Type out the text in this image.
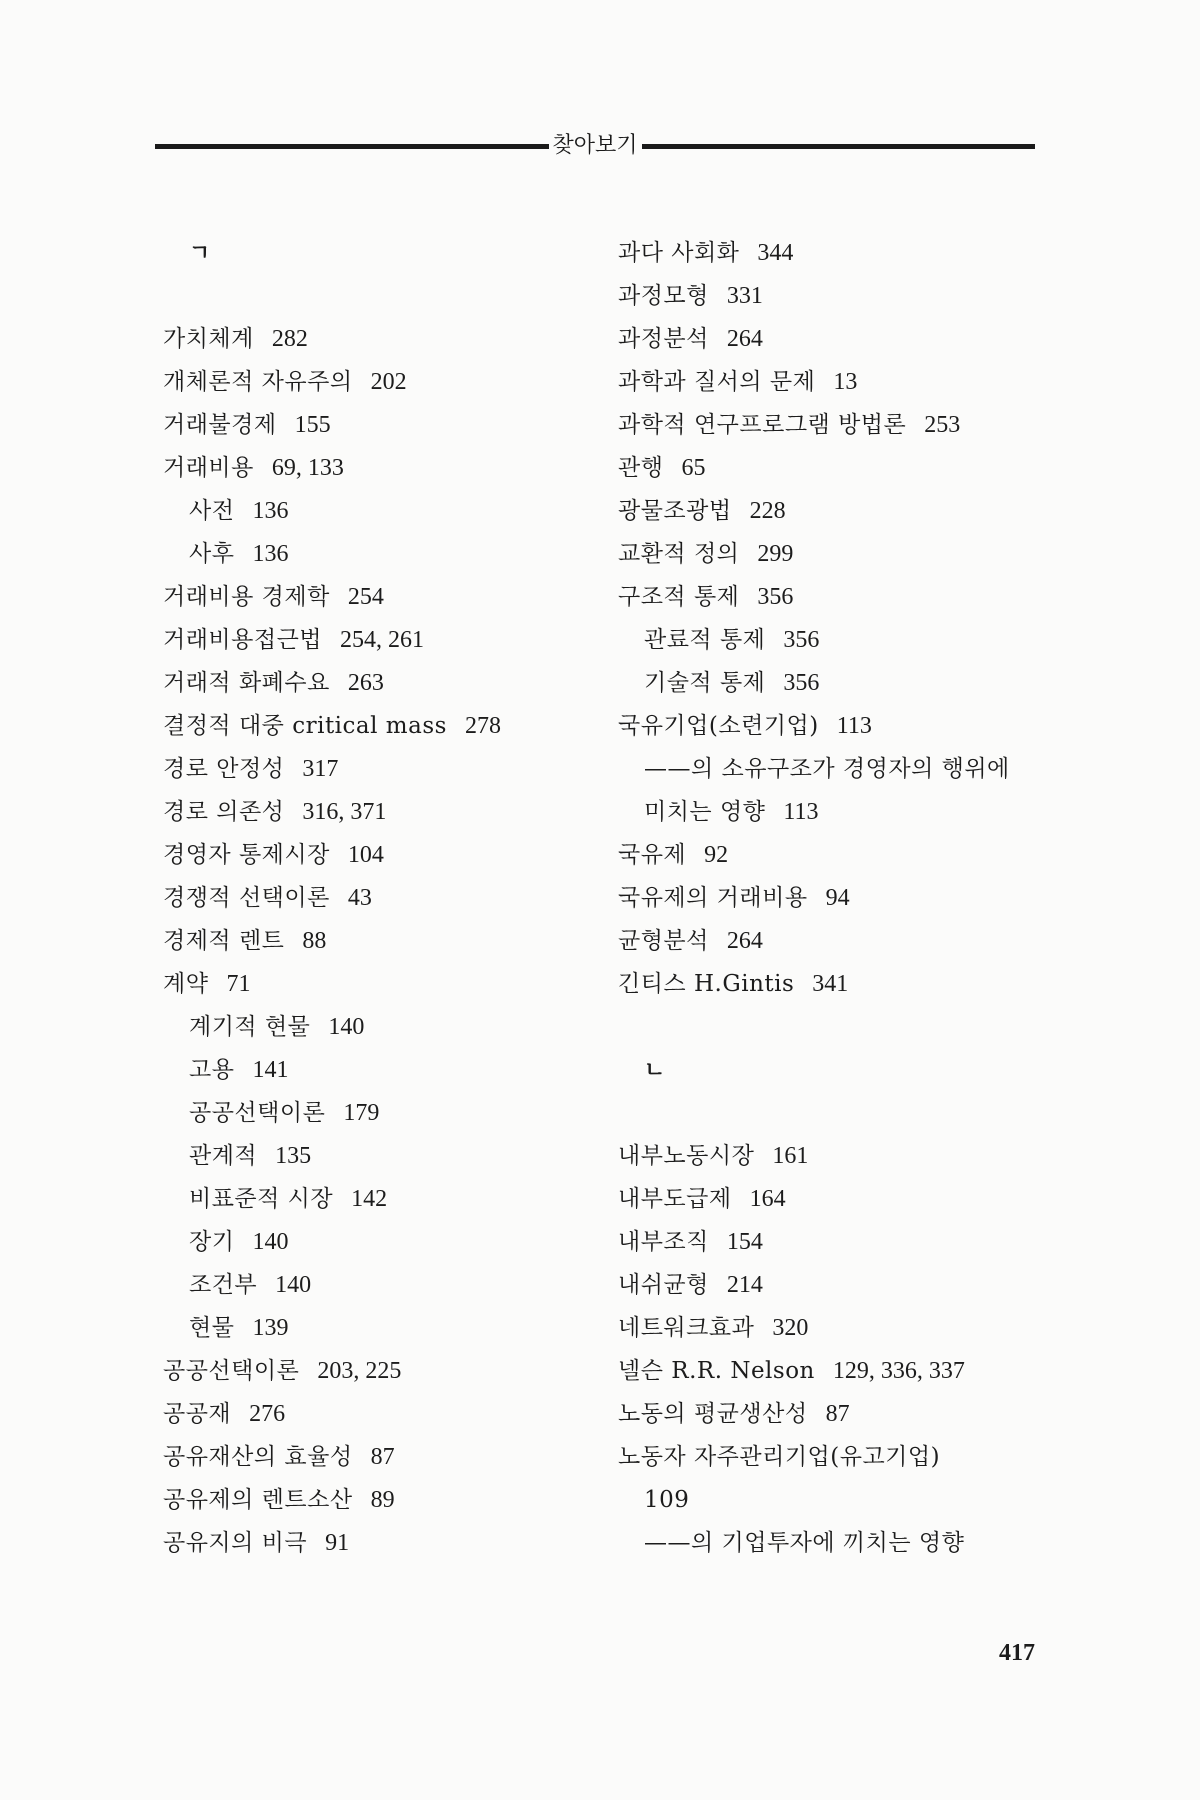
찾아보기
ㄱ
가치체계 282
개체론적 자유주의 202
거래불경제 155
거래비용 69, 133
사전 136
사후 136
거래비용 경제학 254
거래비용접근법 254, 261
거래적 화폐수요 263
결정적 대중 critical mass 278
경로 안정성 317
경로 의존성 316, 371
경영자 통제시장 104
경쟁적 선택이론 43
경제적 렌트 88
계약 71
계기적 현물 140
고용 141
공공선택이론 179
관계적 135
비표준적 시장 142
장기 140
조건부 140
현물 139
공공선택이론 203, 225
공공재 276
공유재산의 효율성 87
공유제의 렌트소산 89
공유지의 비극 91
과다 사회화 344
과정모형 331
과정분석 264
과학과 질서의 문제 13
과학적 연구프로그램 방법론 253
관행 65
광물조광법 228
교환적 정의 299
구조적 통제 356
관료적 통제 356
기술적 통제 356
국유기업(소련기업) 113
——의 소유구조가 경영자의 행위에
미치는 영향 113
국유제 92
국유제의 거래비용 94
균형분석 264
긴티스 H.Gintis 341
ㄴ
내부노동시장 161
내부도급제 164
내부조직 154
내쉬균형 214
네트워크효과 320
넬슨 R.R. Nelson 129, 336, 337
노동의 평균생산성 87
노동자 자주관리기업(유고기업)
109
——의 기업투자에 끼치는 영향
417
